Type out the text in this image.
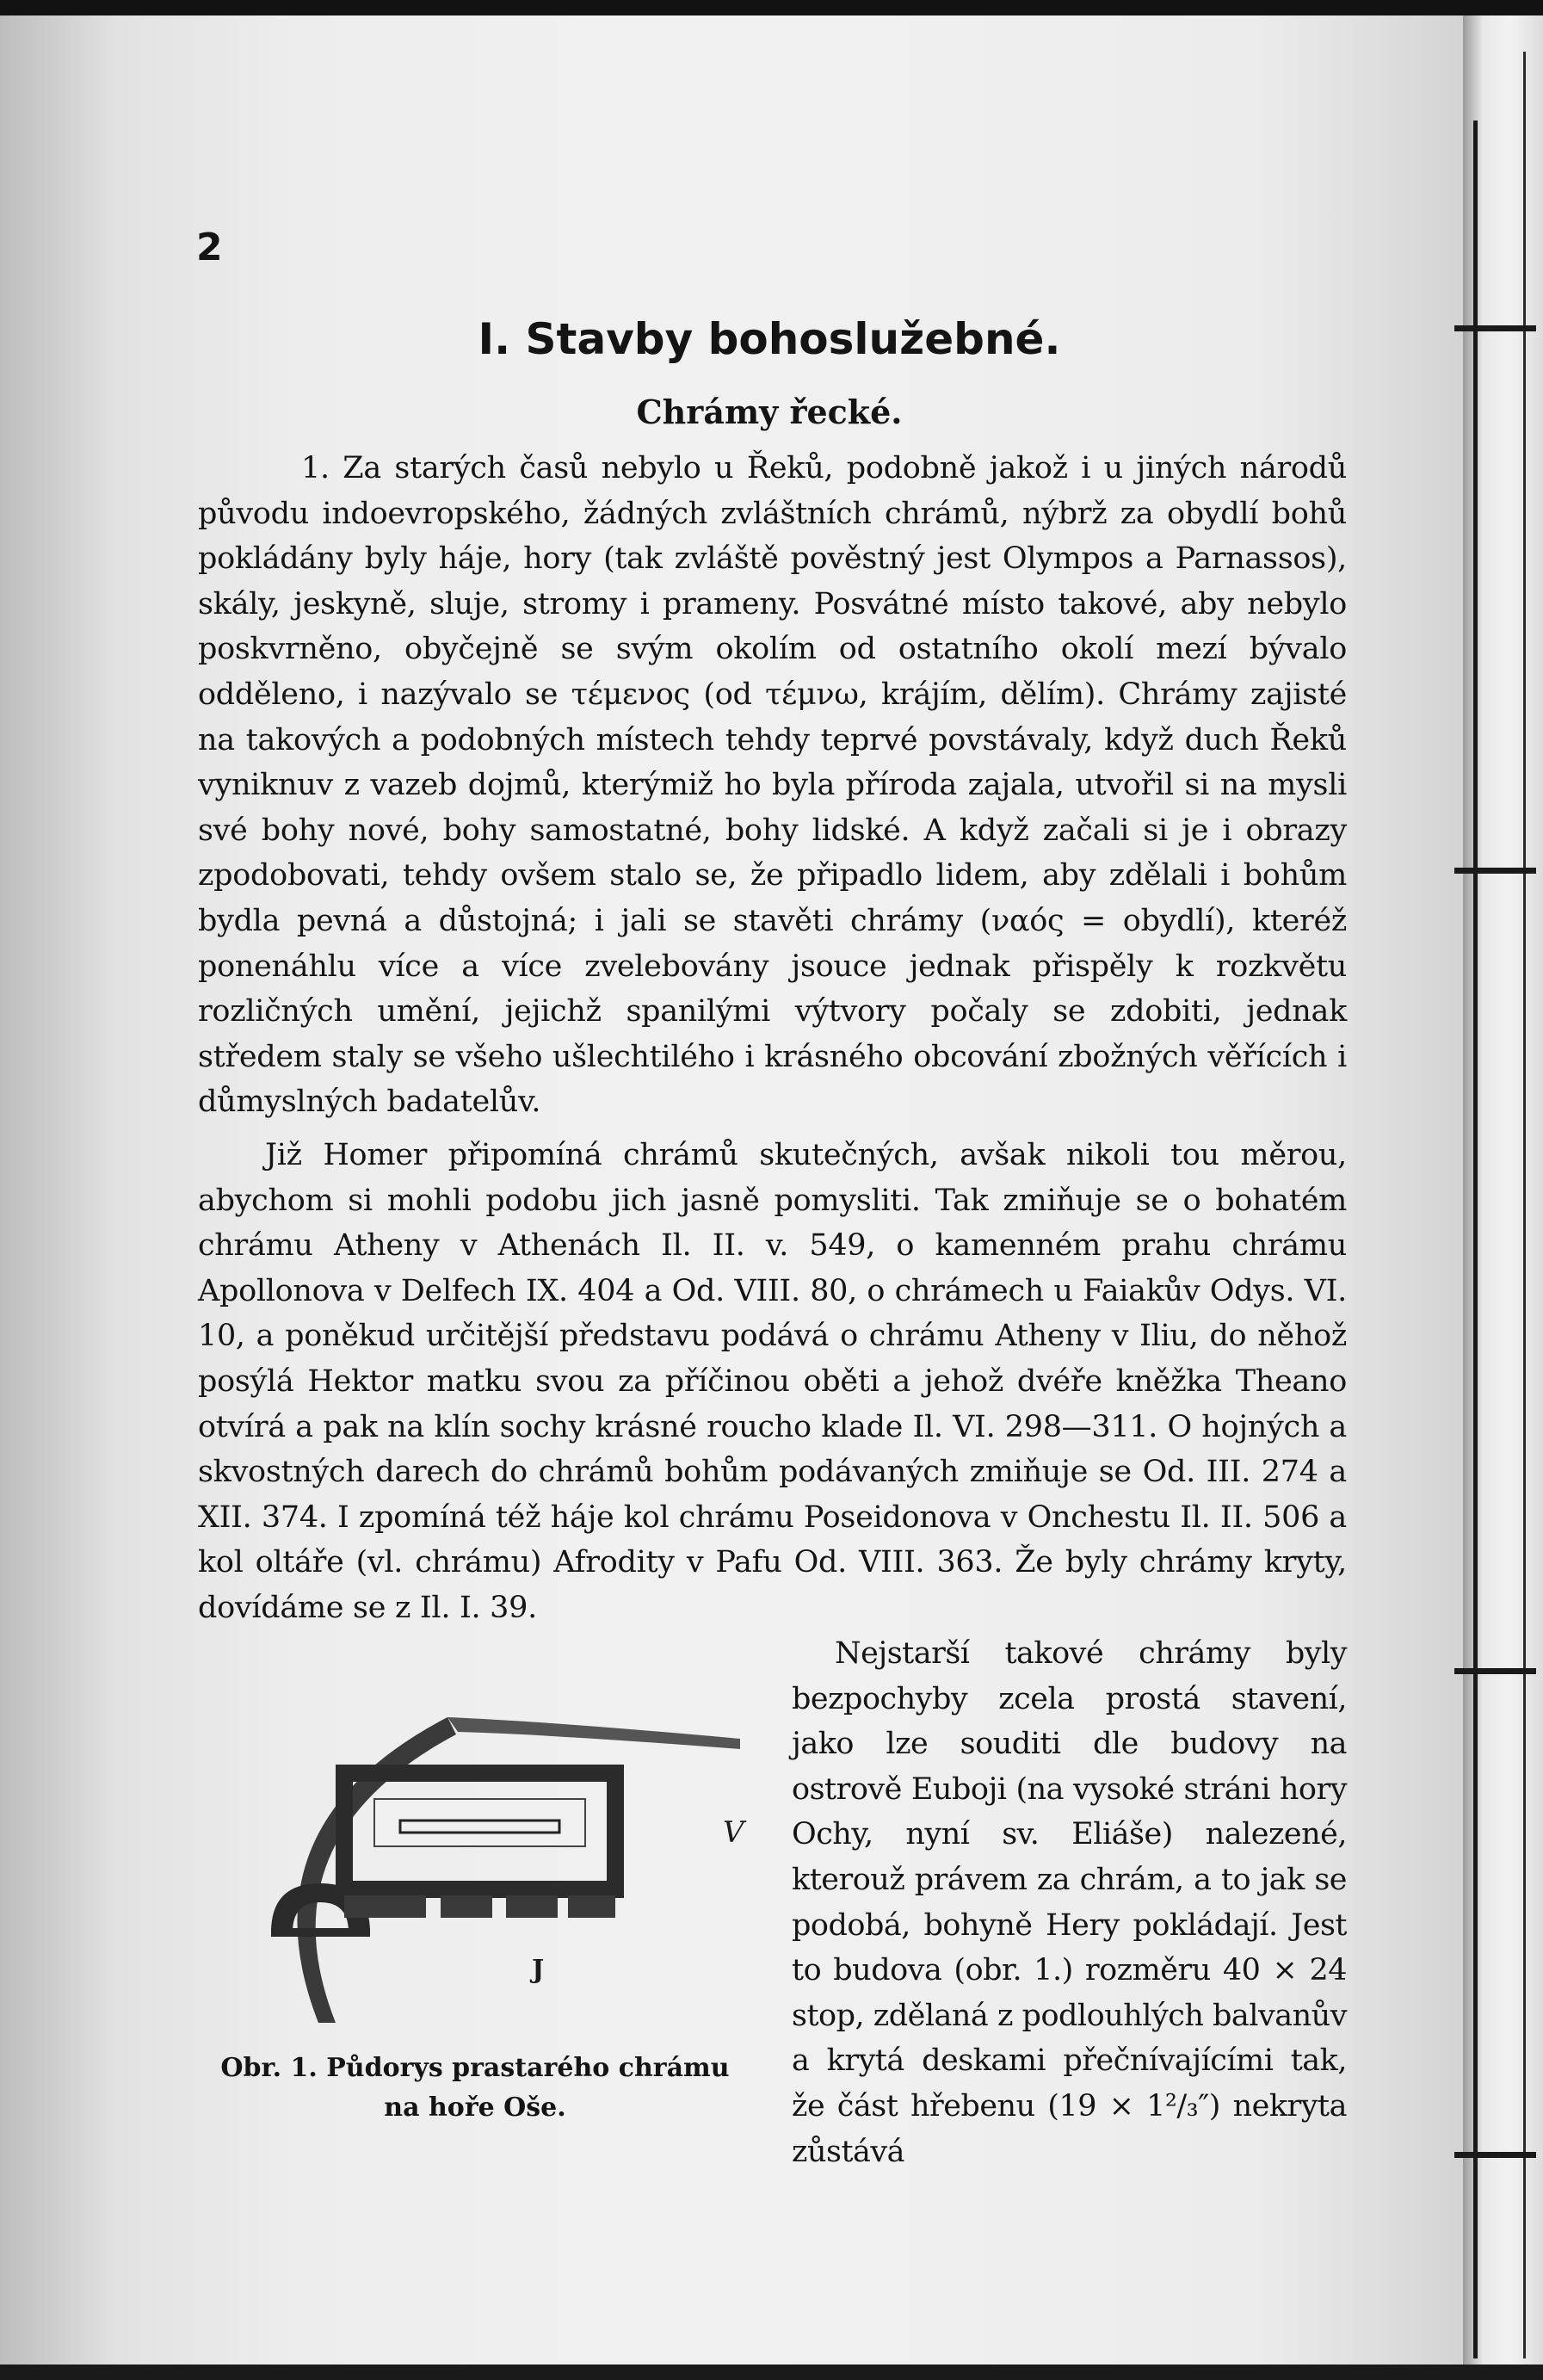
2
I. Stavby bohoslužebné.
Chrámy řecké.

1. Za starých časů nebylo u Řeků, podobně jakož i u jiných národů původu indoevropského, žádných zvláštních chrámů, nýbrž za obydlí bohů pokládány byly háje, hory (tak zvláště pověstný jest Olympos a Parnassos), skály, jeskyně, sluje, stromy i prameny. Posvátné místo takové, aby nebylo poskvrněno, obyčejně se svým okolím od ostatního okolí mezí bývalo odděleno, i nazývalo se τέμενος (od τέμνω, krájím, dělím). Chrámy zajisté na takových a podobných místech tehdy teprvé povstávaly, když duch Řeků vyniknuv z vazeb dojmů, kterýmiž ho byla příroda zajala, utvořil si na mysli své bohy nové, bohy samostatné, bohy lidské. A když začali si je i obrazy zpodobovati, tehdy ovšem stalo se, že připadlo lidem, aby zdělali i bohům bydla pevná a důstojná; i jali se stavěti chrámy (ναός = obydlí), kteréž ponenáhlu více a více zvelebovány jsouce jednak přispěly k rozkvětu rozličných umění, jejichž spanilými výtvory počaly se zdobiti, jednak středem staly se všeho ušlechtilého i krásného obcování zbožných věřících i důmyslných badatelův.

Již Homer připomíná chrámů skutečných, avšak nikoli tou měrou, abychom si mohli podobu jich jasně pomysliti. Tak zmiňuje se o bohatém chrámu Atheny v Athenách Il. II. v. 549, o kamenném prahu chrámu Apollonova v Delfech IX. 404 a Od. VIII. 80, o chrámech u Faiakův Odys. VI. 10, a poněkud určitější představu podává o chrámu Atheny v Iliu, do něhož posýlá Hektor matku svou za příčinou oběti a jehož dvéře kněžka Theano otvírá a pak na klín sochy krásné roucho klade Il. VI. 298—311. O hojných a skvostných darech do chrámů bohům podávaných zmiňuje se Od. III. 274 a XII. 374. I zpomíná též háje kol chrámu Poseidonova v Onchestu Il. II. 506 a kol oltáře (vl. chrámu) Afrodity v Pafu Od. VIII. 363. Že byly chrámy kryty, dovídáme se z Il. I. 39.

Nejstarší takové chrámy byly bezpochyby zcela prostá stavení, jako lze souditi dle budovy na ostrově Euboji (na vysoké stráni hory Ochy, nyní sv. Eliáše) nalezené, kterouž právem za chrám, a to jak se podobá, bohyně Hery pokládají. Jest to budova (obr. 1.) rozměru 40 × 24 stop, zdělaná z podlouhlých balvanův a krytá deskami přečnívajícími tak, že část hřebenu (19 × 1²/₃″) nekryta zůstává

V
J
Obr. 1. Půdorys prastarého chrámu
na hoře Oše.
